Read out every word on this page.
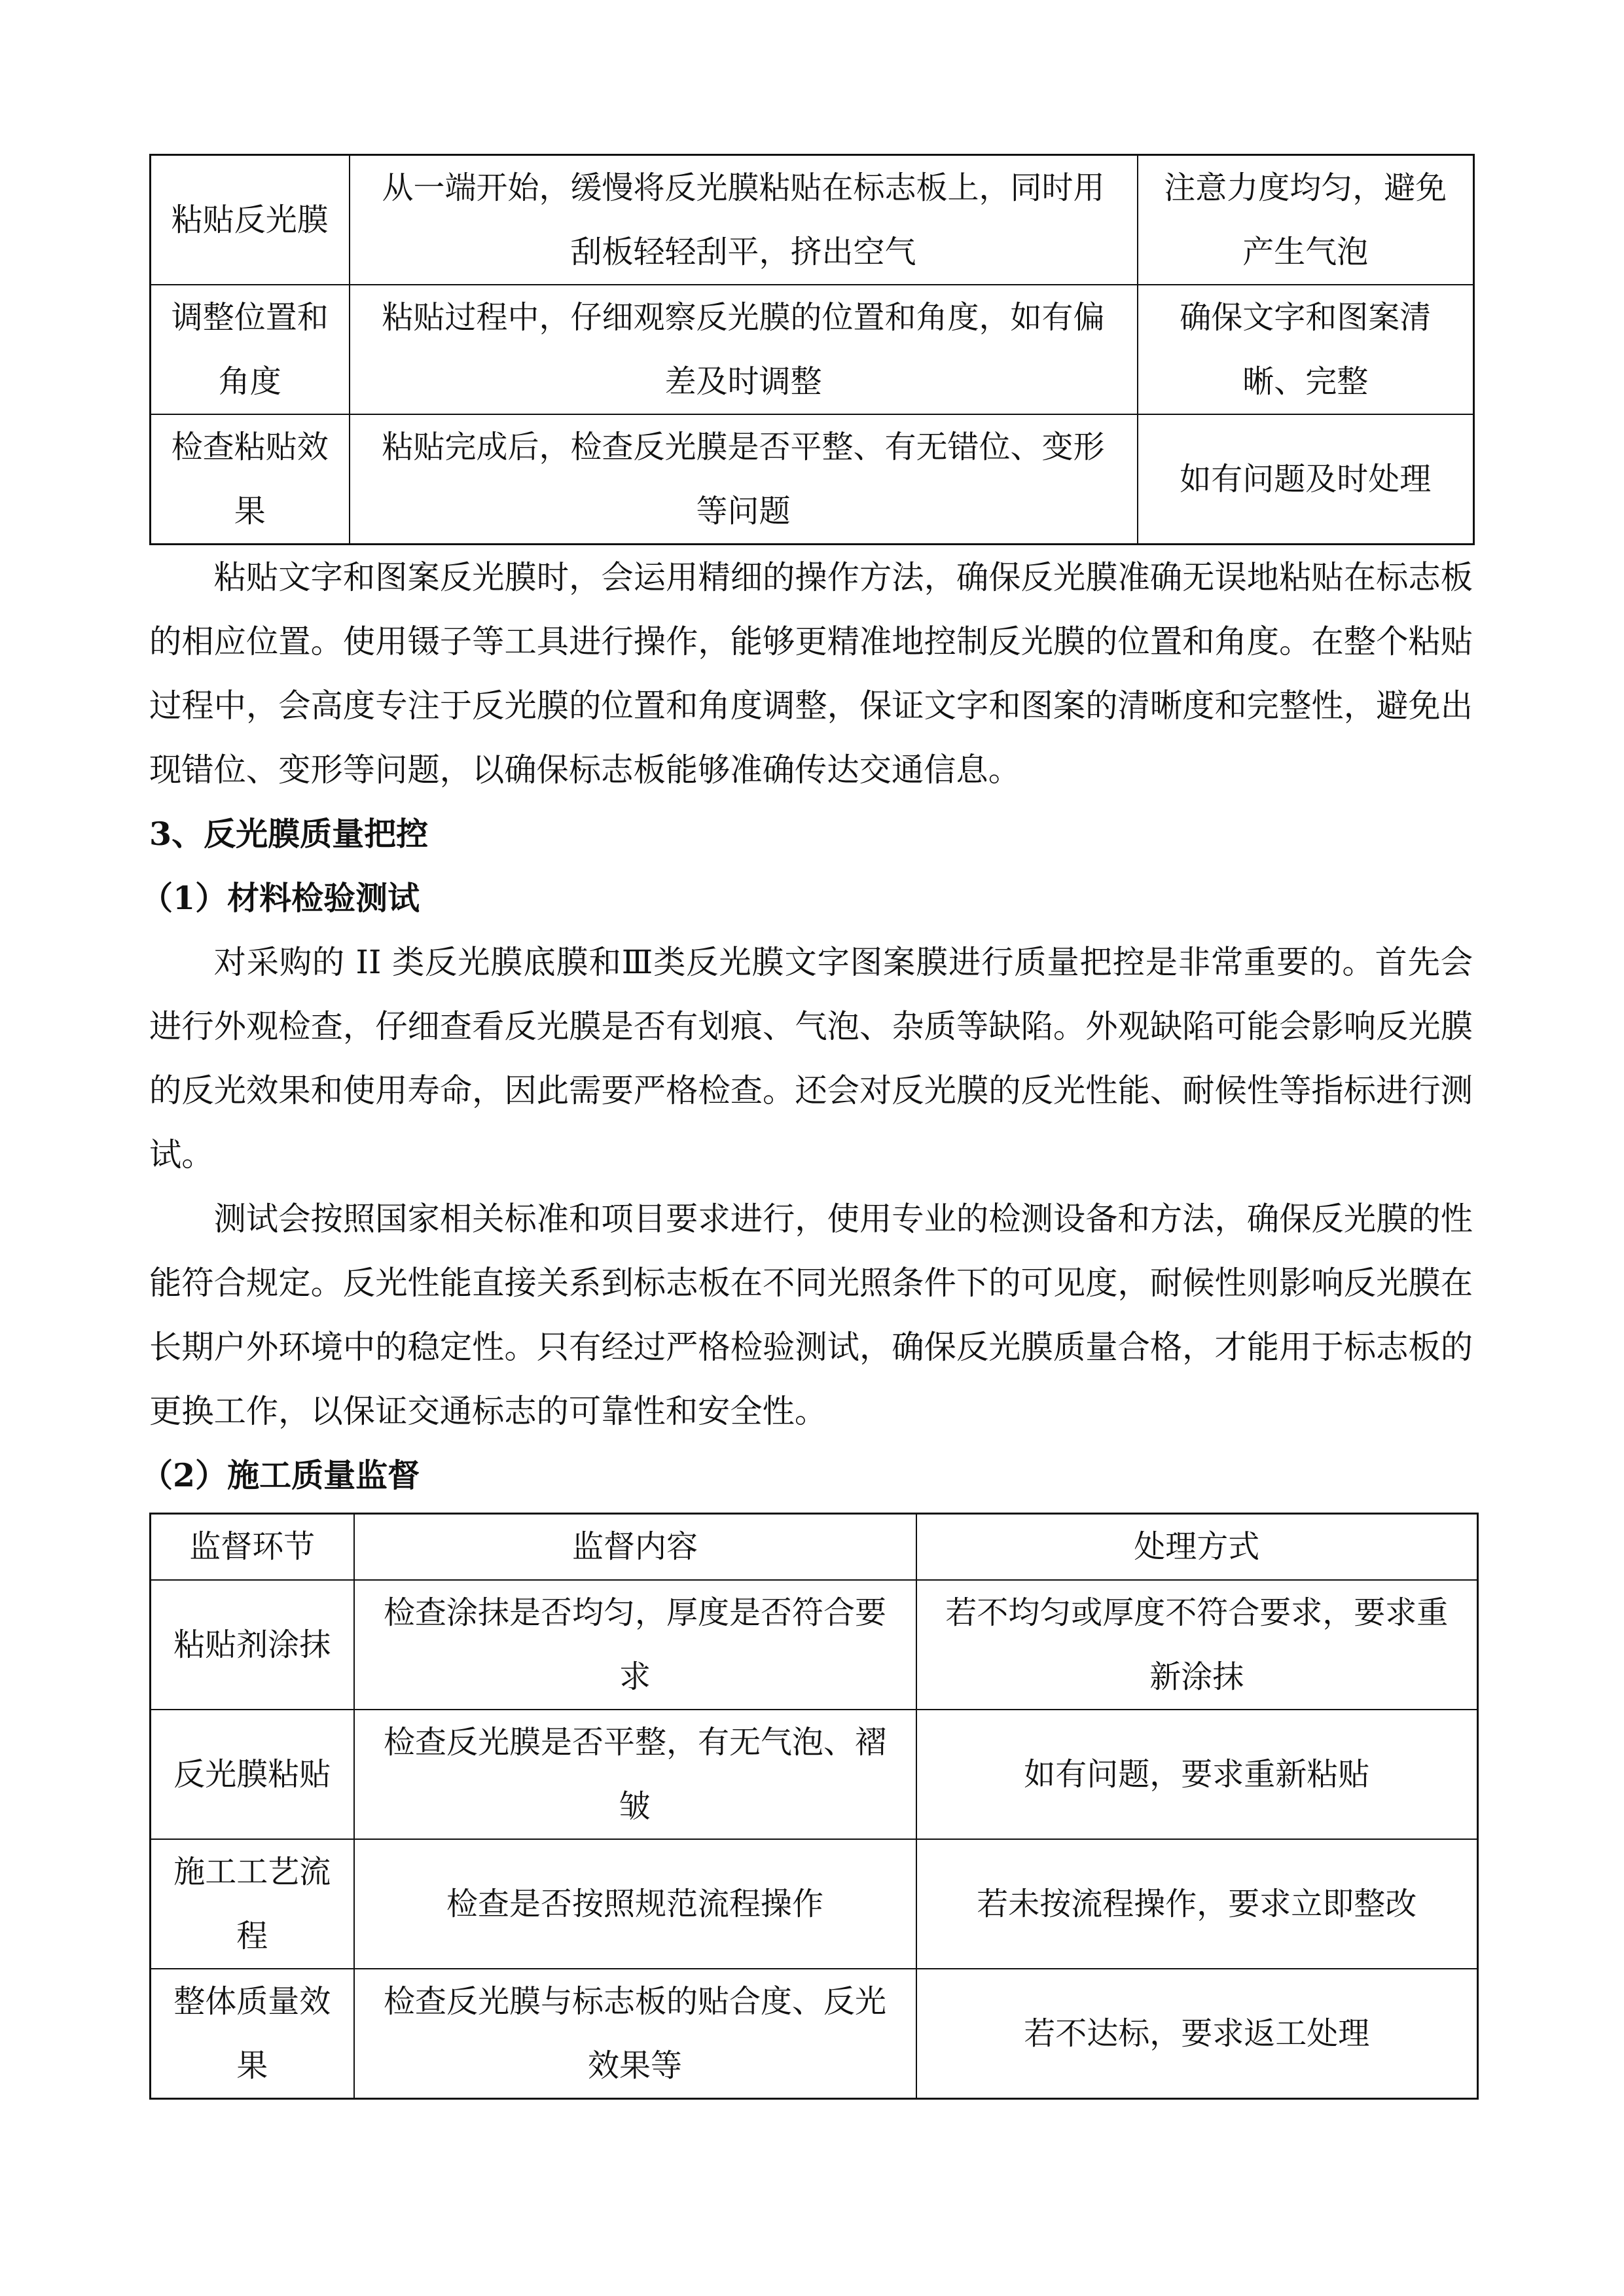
粘贴反光膜	从一端开始，缓慢将反光膜粘贴在标志板上，同时用刮板轻轻刮平，挤出空气	注意力度均匀，避免产生气泡
调整位置和角度	粘贴过程中，仔细观察反光膜的位置和角度，如有偏差及时调整	确保文字和图案清晰、完整
检查粘贴效果	粘贴完成后，检查反光膜是否平整、有无错位、变形等问题	如有问题及时处理

粘贴文字和图案反光膜时，会运用精细的操作方法，确保反光膜准确无误地粘贴在标志板的相应位置。使用镊子等工具进行操作，能够更精准地控制反光膜的位置和角度。在整个粘贴过程中，会高度专注于反光膜的位置和角度调整，保证文字和图案的清晰度和完整性，避免出现错位、变形等问题，以确保标志板能够准确传达交通信息。

3、反光膜质量把控

（1）材料检验测试

对采购的 II 类反光膜底膜和Ⅲ类反光膜文字图案膜进行质量把控是非常重要的。首先会进行外观检查，仔细查看反光膜是否有划痕、气泡、杂质等缺陷。外观缺陷可能会影响反光膜的反光效果和使用寿命，因此需要严格检查。还会对反光膜的反光性能、耐候性等指标进行测试。

测试会按照国家相关标准和项目要求进行，使用专业的检测设备和方法，确保反光膜的性能符合规定。反光性能直接关系到标志板在不同光照条件下的可见度，耐候性则影响反光膜在长期户外环境中的稳定性。只有经过严格检验测试，确保反光膜质量合格，才能用于标志板的更换工作，以保证交通标志的可靠性和安全性。

（2）施工质量监督

监督环节	监督内容	处理方式
粘贴剂涂抹	检查涂抹是否均匀，厚度是否符合要求	若不均匀或厚度不符合要求，要求重新涂抹
反光膜粘贴	检查反光膜是否平整，有无气泡、褶皱	如有问题，要求重新粘贴
施工工艺流程	检查是否按照规范流程操作	若未按流程操作，要求立即整改
整体质量效果	检查反光膜与标志板的贴合度、反光效果等	若不达标，要求返工处理
